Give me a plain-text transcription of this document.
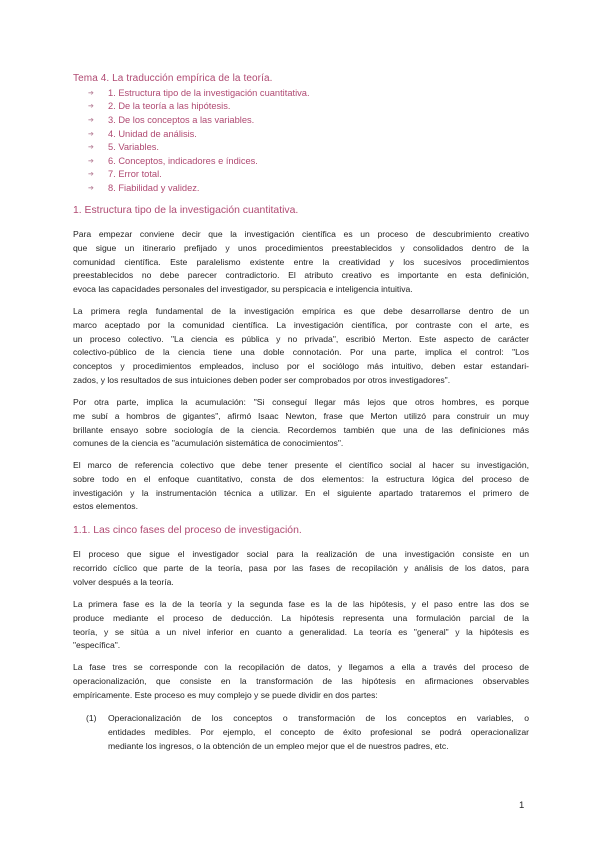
Tema 4. La traducción empírica de la teoría.
➔	1. Estructura tipo de la investigación cuantitativa.
➔	2. De la teoría a las hipótesis.
➔	3. De los conceptos a las variables.
➔	4. Unidad de análisis.
➔	5. Variables.
➔	6. Conceptos, indicadores e índices.
➔	7. Error total.
➔	8. Fiabilidad y validez.
1. Estructura tipo de la investigación cuantitativa.
Para empezar conviene decir que la investigación científica es un proceso de descubrimiento creativo
que sigue un itinerario prefijado y unos procedimientos preestablecidos y consolidados dentro de la
comunidad científica. Este paralelismo existente entre la creatividad y los sucesivos procedimientos
preestablecidos no debe parecer contradictorio. El atributo creativo es importante en esta definición,
evoca las capacidades personales del investigador, su perspicacia e inteligencia intuitiva.
La primera regla fundamental de la investigación empírica es que debe desarrollarse dentro de un
marco aceptado por la comunidad científica. La investigación científica, por contraste con el arte, es
un proceso colectivo. "La ciencia es pública y no privada", escribió Merton. Este aspecto de carácter
colectivo-público de la ciencia tiene una doble connotación. Por una parte, implica el control: "Los
conceptos y procedimientos empleados, incluso por el sociólogo más intuitivo, deben estar estandari-
zados, y los resultados de sus intuiciones deben poder ser comprobados por otros investigadores".
Por otra parte, implica la acumulación: "Si conseguí llegar más lejos que otros hombres, es porque
me subí a hombros de gigantes", afirmó Isaac Newton, frase que Merton utilizó para construir un muy
brillante ensayo sobre sociología de la ciencia. Recordemos también que una de las definiciones más
comunes de la ciencia es "acumulación sistemática de conocimientos".
El marco de referencia colectivo que debe tener presente el científico social al hacer su investigación,
sobre todo en el enfoque cuantitativo, consta de dos elementos: la estructura lógica del proceso de
investigación y la instrumentación técnica a utilizar. En el siguiente apartado trataremos el primero de
estos elementos.
1.1. Las cinco fases del proceso de investigación.
El proceso que sigue el investigador social para la realización de una investigación consiste en un
recorrido cíclico que parte de la teoría, pasa por las fases de recopilación y análisis de los datos, para
volver después a la teoría.
La primera fase es la de la teoría y la segunda fase es la de las hipótesis, y el paso entre las dos se
produce mediante el proceso de deducción. La hipótesis representa una formulación parcial de la
teoría, y se sitúa a un nivel inferior en cuanto a generalidad. La teoría es "general" y la hipótesis es
"específica".
La fase tres se corresponde con la recopilación de datos, y llegamos a ella a través del proceso de
operacionalización, que consiste en la transformación de las hipótesis en afirmaciones observables
empíricamente. Este proceso es muy complejo y se puede dividir en dos partes:
(1) Operacionalización de los conceptos o transformación de los conceptos en variables, o
entidades medibles. Por ejemplo, el concepto de éxito profesional se podrá operacionalizar
mediante los ingresos, o la obtención de un empleo mejor que el de nuestros padres, etc.
1
